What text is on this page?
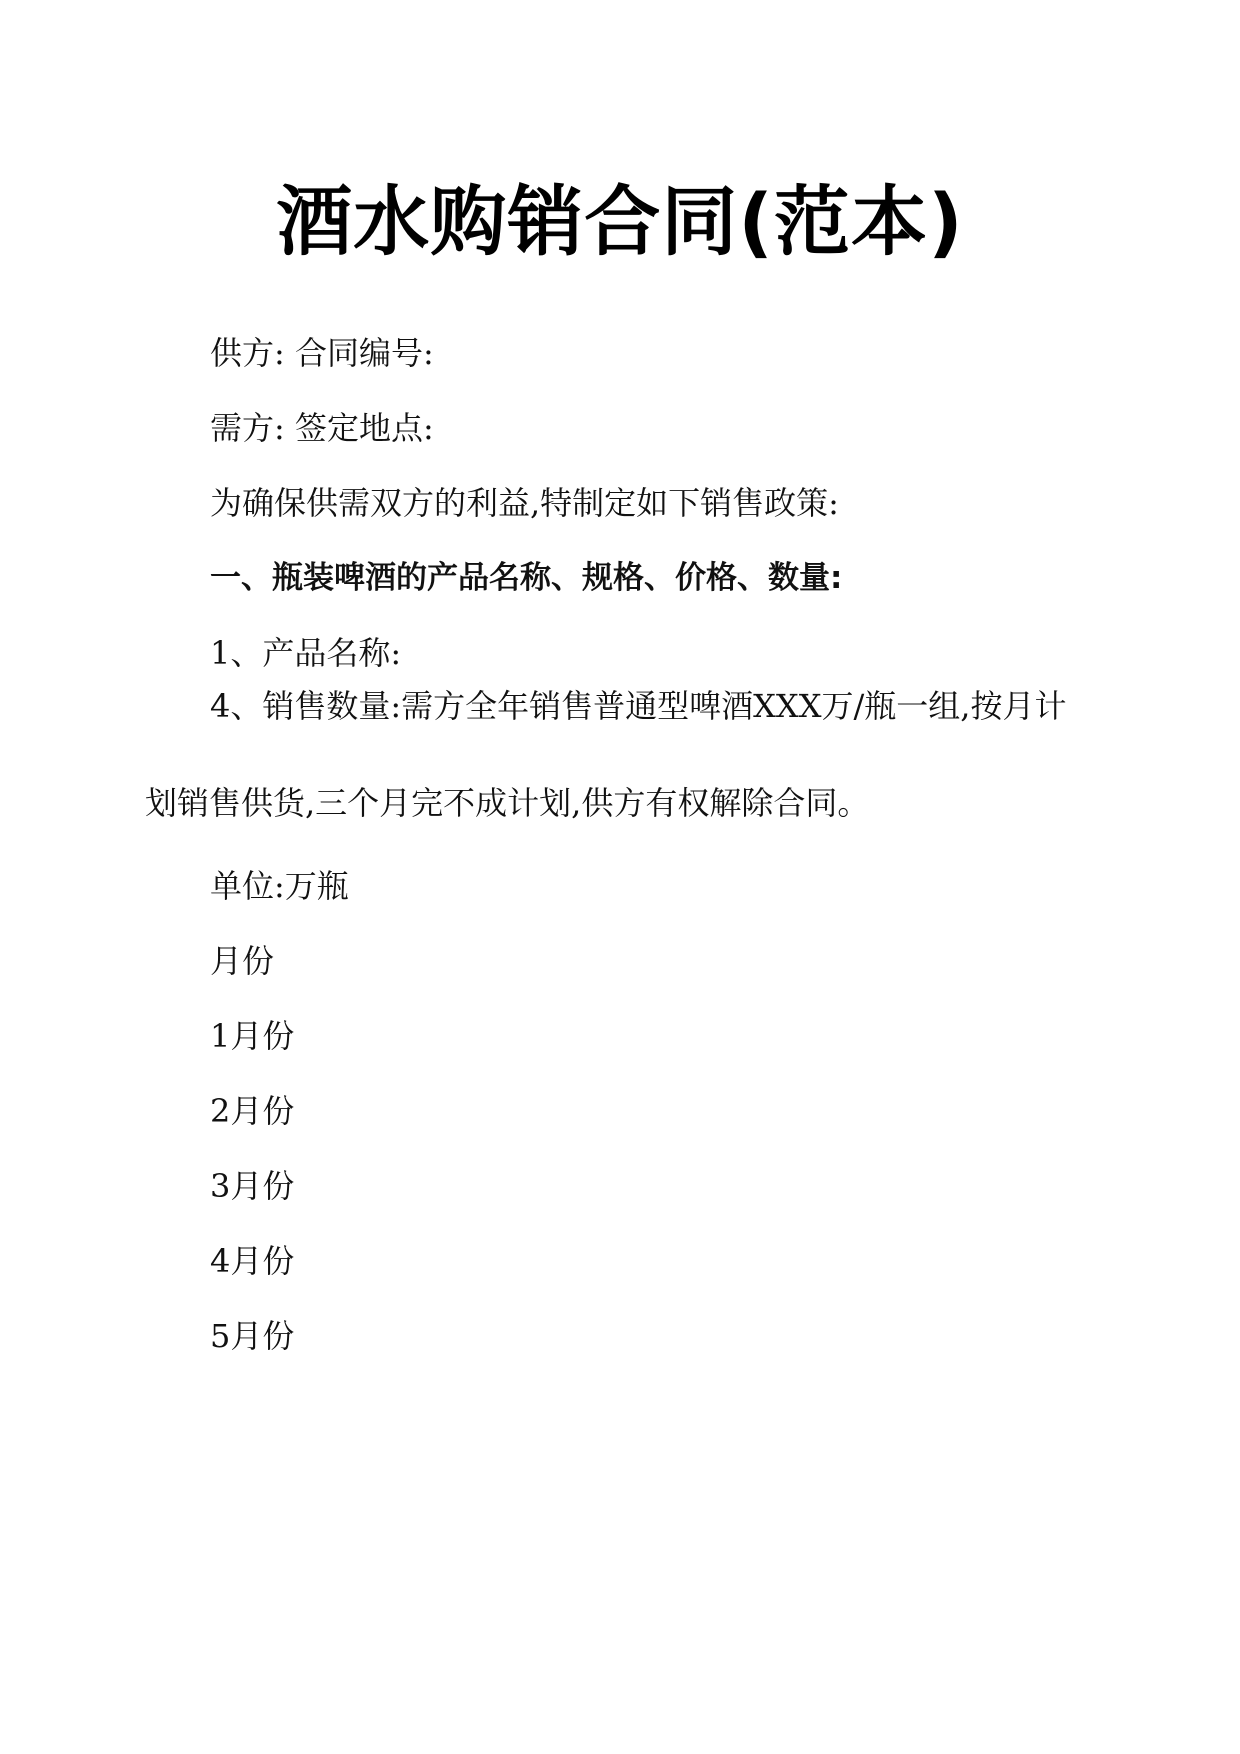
酒水购销合同(范本)

供方: 合同编号:

需方: 签定地点:

为确保供需双方的利益,特制定如下销售政策:

一、瓶装啤酒的产品名称、规格、价格、数量:

1、产品名称:

4、销售数量:需方全年销售普通型啤酒XXX万/瓶一组,按月计划销售供货,三个月完不成计划,供方有权解除合同。

单位:万瓶

月份

1月份

2月份

3月份

4月份

5月份
